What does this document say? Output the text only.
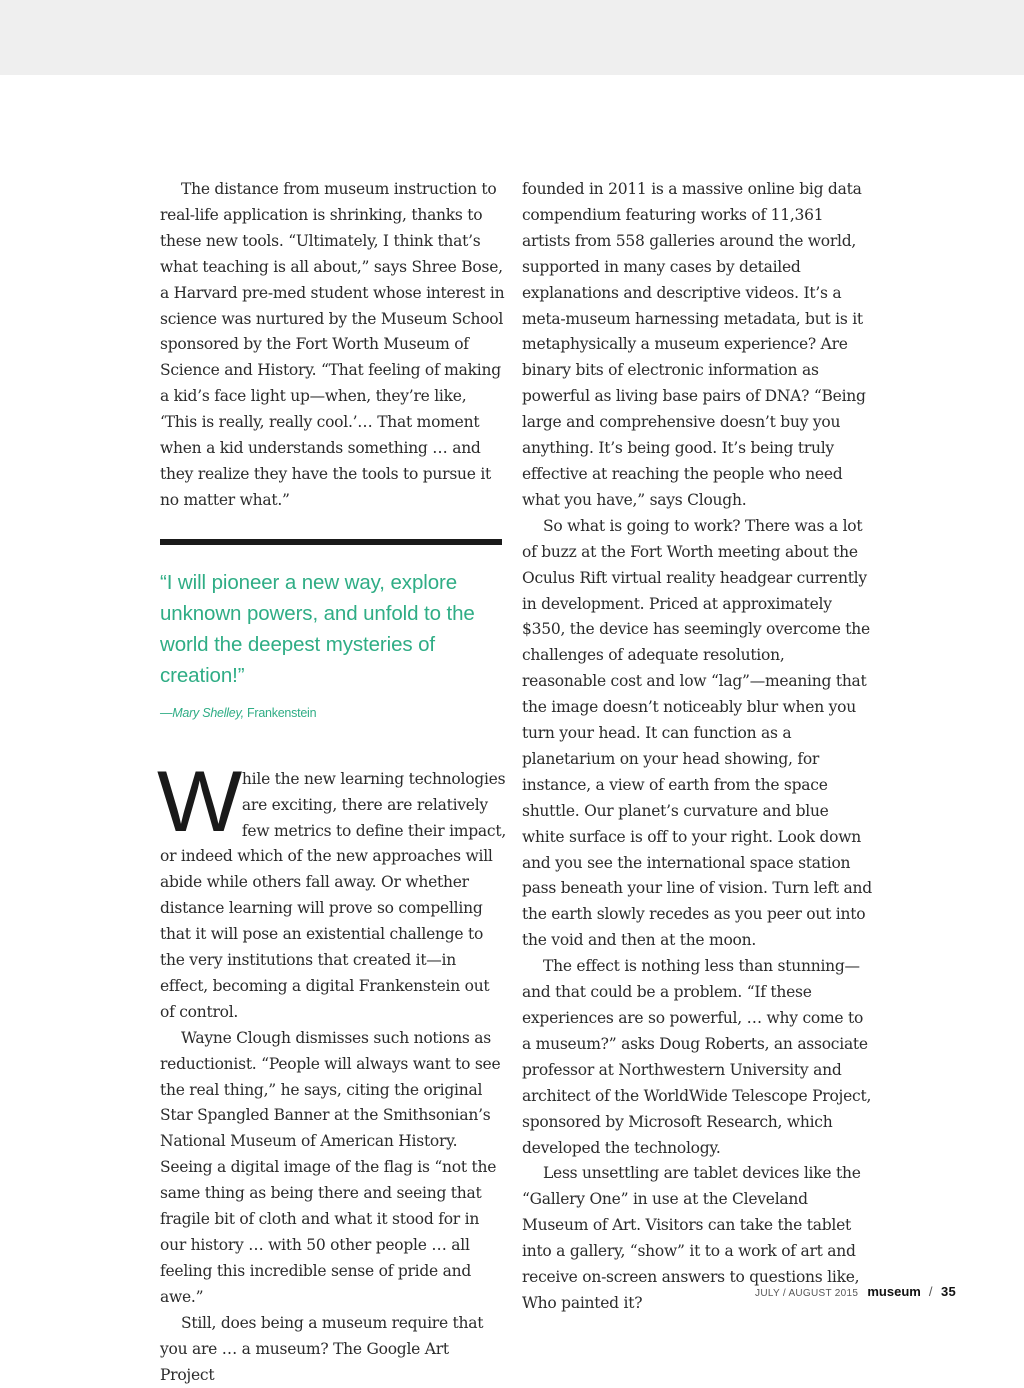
The distance from museum instruction to real-life application is shrinking, thanks to these new tools. “Ultimately, I think that’s what teaching is all about,” says Shree Bose, a Harvard pre-med student whose interest in science was nurtured by the Museum School sponsored by the Fort Worth Museum of Science and History. “That feeling of making a kid’s face light up—when, they’re like, ‘This is really, really cool.’… That moment when a kid understands something … and they realize they have the tools to pursue it no matter what.”

“I will pioneer a new way, explore unknown powers, and unfold to the world the deepest mysteries of creation!”

—Mary Shelley, Frankenstein
W hile the new learning technologies are exciting, there are relatively few metrics to define their impact, or indeed which of the new approaches will abide while others fall away. Or whether distance learning will prove so compelling that it will pose an existential challenge to the very institutions that created it—in effect, becoming a digital Frankenstein out of control.

Wayne Clough dismisses such notions as reductionist. “People will always want to see the real thing,” he says, citing the original Star Spangled Banner at the Smithsonian’s National Museum of American History. Seeing a digital image of the flag is “not the same thing as being there and seeing that fragile bit of cloth and what it stood for in our history … with 50 other people … all feeling this incredible sense of pride and awe.”

Still, does being a museum require that you are … a museum? The Google Art Project

founded in 2011 is a massive online big data compendium featuring works of 11,361 artists from 558 galleries around the world, supported in many cases by detailed explanations and descriptive videos. It’s a meta-museum harnessing metadata, but is it metaphysically a museum experience? Are binary bits of electronic information as powerful as living base pairs of DNA? “Being large and comprehensive doesn’t buy you anything. It’s being good. It’s being truly effective at reaching the people who need what you have,” says Clough.

So what is going to work? There was a lot of buzz at the Fort Worth meeting about the Oculus Rift virtual reality headgear currently in development. Priced at approximately $350, the device has seemingly overcome the challenges of adequate resolution, reasonable cost and low “lag”—meaning that the image doesn’t noticeably blur when you turn your head. It can function as a planetarium on your head showing, for instance, a view of earth from the space shuttle. Our planet’s curvature and blue white surface is off to your right. Look down and you see the international space station pass beneath your line of vision. Turn left and the earth slowly recedes as you peer out into the void and then at the moon.

The effect is nothing less than stunning—and that could be a problem. “If these experiences are so powerful, … why come to a museum?” asks Doug Roberts, an associate professor at Northwestern University and architect of the WorldWide Telescope Project, sponsored by Microsoft Research, which developed the technology.

Less unsettling are tablet devices like the “Gallery One” in use at the Cleveland Museum of Art. Visitors can take the tablet into a gallery, “show” it to a work of art and receive on-screen answers to questions like, Who painted it?

JULY / AUGUST 2015 museum / 35
